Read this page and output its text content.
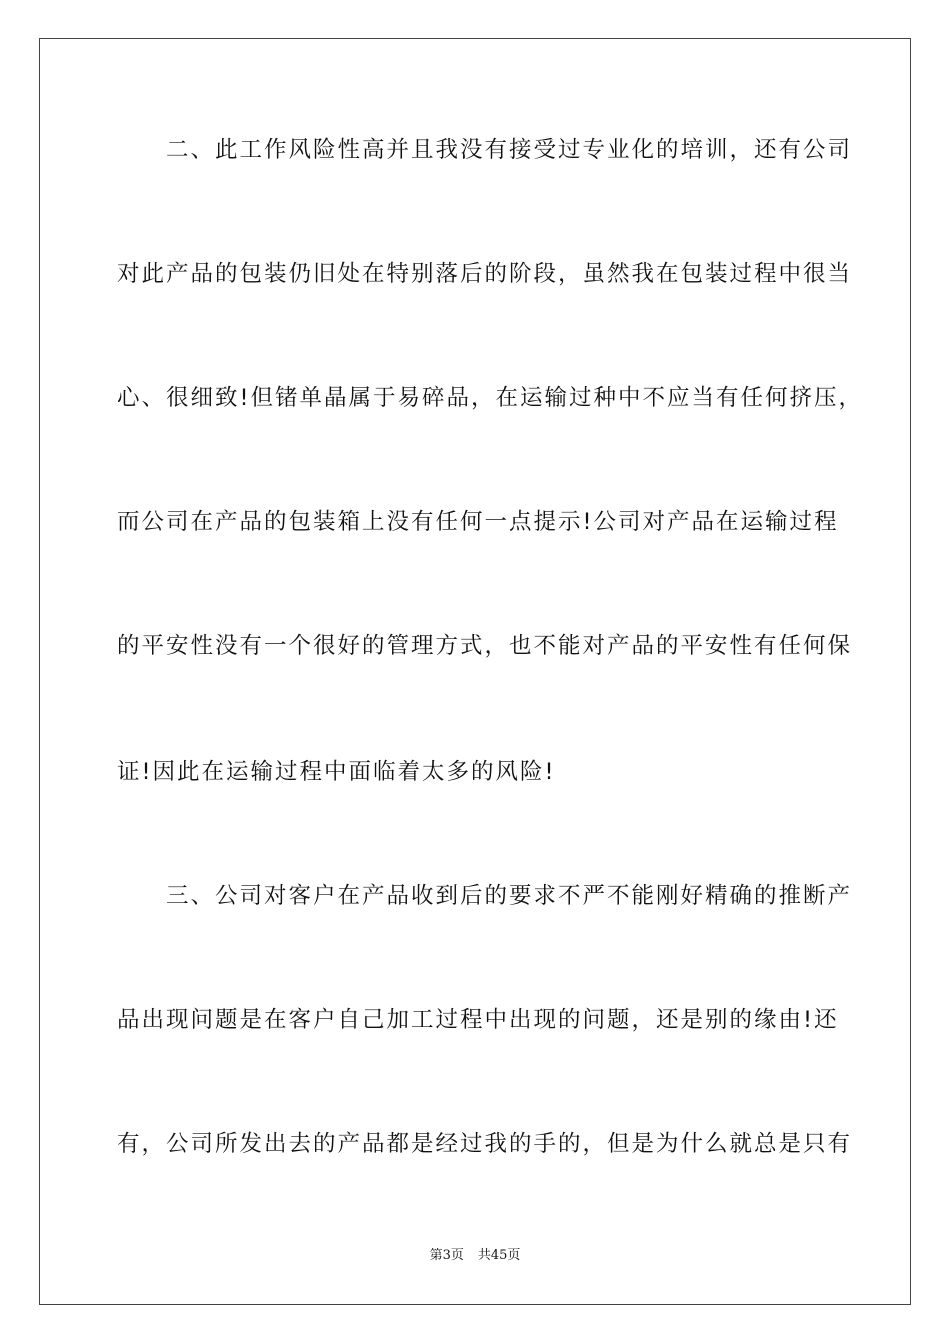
　　二、此工作风险性高并且我没有接受过专业化的培训，还有公司
对此产品的包装仍旧处在特别落后的阶段，虽然我在包装过程中很当
心、很细致!但锗单晶属于易碎品，在运输过种中不应当有任何挤压，
而公司在产品的包装箱上没有任何一点提示!公司对产品在运输过程
的平安性没有一个很好的管理方式，也不能对产品的平安性有任何保
证!因此在运输过程中面临着太多的风险!
　　三、公司对客户在产品收到后的要求不严不能刚好精确的推断产
品出现问题是在客户自己加工过程中出现的问题，还是别的缘由!还
有，公司所发出去的产品都是经过我的手的，但是为什么就总是只有
第3页 共45页
